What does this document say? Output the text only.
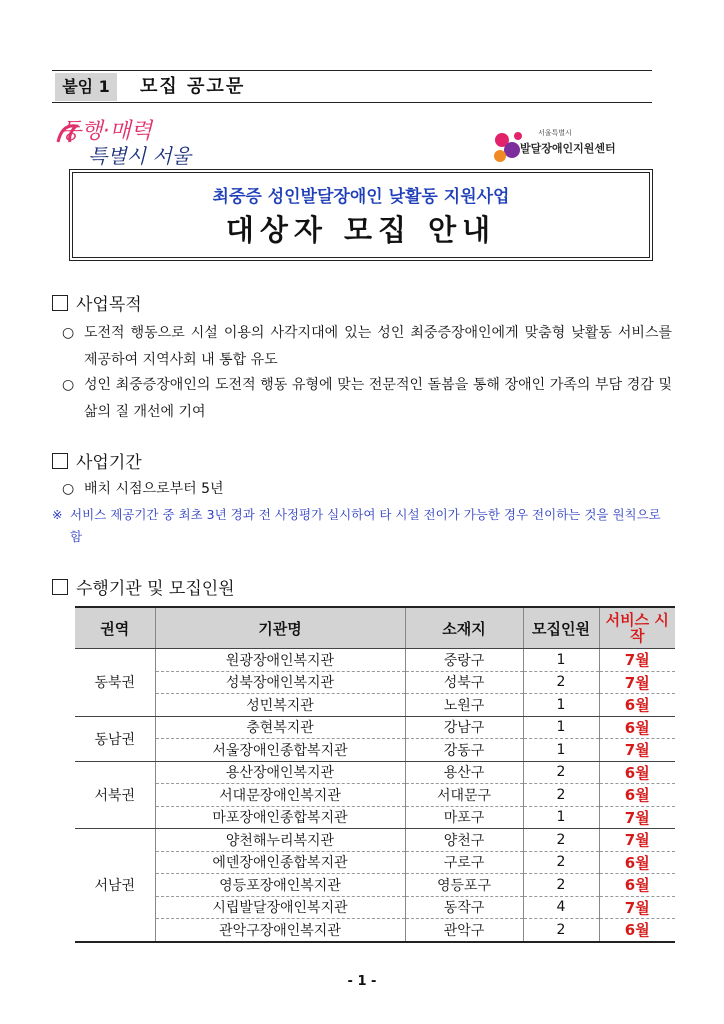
붙임 1	모집 공고문
동행·매력
특별시 서울
서울특별시
발달장애인지원센터
최중증 성인발달장애인 낮활동 지원사업
대상자 모집 안내
사업목적
○ 도전적 행동으로 시설 이용의 사각지대에 있는 성인 최중증장애인에게 맞춤형 낮활동 서비스를 제공하여 지역사회 내 통합 유도
○ 성인 최중증장애인의 도전적 행동 유형에 맞는 전문적인 돌봄을 통해 장애인 가족의 부담 경감 및 삶의 질 개선에 기여
사업기간
○ 배치 시점으로부터 5년
※ 서비스 제공기간 중 최초 3년 경과 전 사정평가 실시하여 타 시설 전이가 가능한 경우 전이하는 것을 원칙으로 함
수행기관 및 모집인원
권역	기관명	소재지	모집인원	서비스 시작
동북권	원광장애인복지관	중랑구	1	7월
	성북장애인복지관	성북구	2	7월
	성민복지관	노원구	1	6월
동남권	충현복지관	강남구	1	6월
	서울장애인종합복지관	강동구	1	7월
서북권	용산장애인복지관	용산구	2	6월
	서대문장애인복지관	서대문구	2	6월
	마포장애인종합복지관	마포구	1	7월
서남권	양천해누리복지관	양천구	2	7월
	에덴장애인종합복지관	구로구	2	6월
	영등포장애인복지관	영등포구	2	6월
	시립발달장애인복지관	동작구	4	7월
	관악구장애인복지관	관악구	2	6월
- 1 -
